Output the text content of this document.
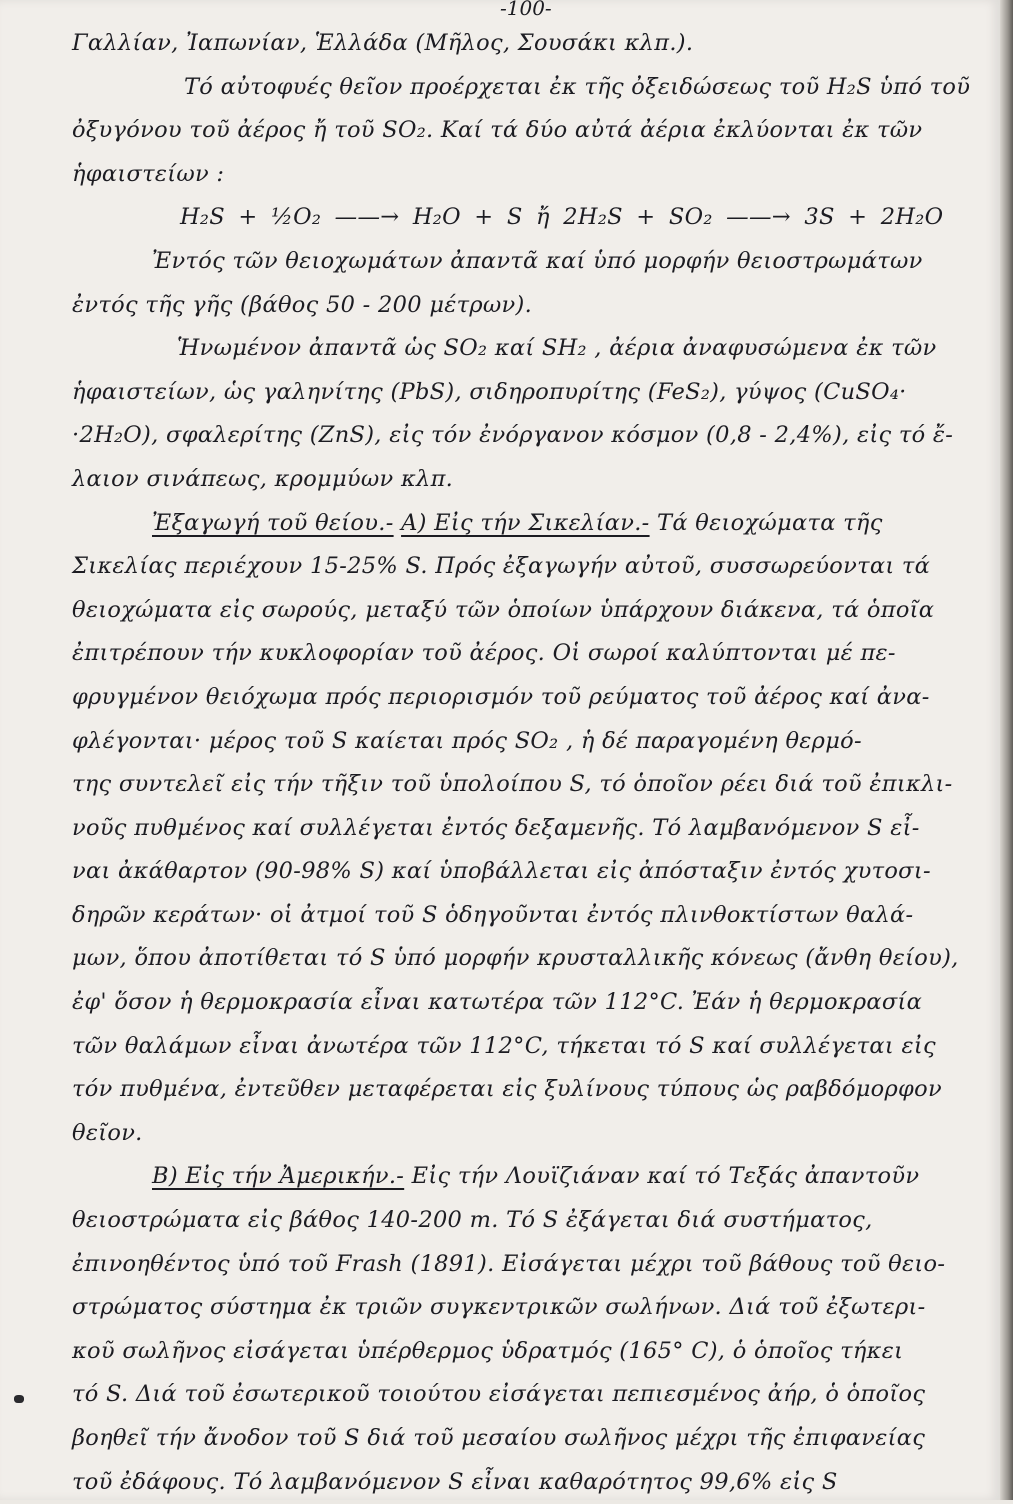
-100-
Γαλλίαν, Ἰαπωνίαν, Ἑλλάδα (Μῆλος, Σουσάκι κλπ.).
Τό αὐτοφυές θεῖον προέρχεται ἐκ τῆς ὀξειδώσεως τοῦ H₂S ὑπό τοῦ
ὀξυγόνου τοῦ ἀέρος ἤ τοῦ SO₂. Καί τά δύο αὐτά ἀέρια ἐκλύονται ἐκ τῶν
ἡφαιστείων :
H₂S + ½O₂ ——→ H₂O + S ἤ 2H₂S + SO₂ ——→ 3S + 2H₂O
Ἐντός τῶν θειοχωμάτων ἀπαντᾶ καί ὑπό μορφήν θειοστρωμάτων
ἐντός τῆς γῆς (βάθος 50 - 200 μέτρων).
Ἡνωμένον ἀπαντᾶ ὡς SO₂ καί SH₂ , ἀέρια ἀναφυσώμενα ἐκ τῶν
ἡφαιστείων, ὡς γαληνίτης (PbS), σιδηροπυρίτης (FeS₂), γύψος (CuSO₄·
·2H₂O), σφαλερίτης (ZnS), εἰς τόν ἐνόργανον κόσμον (0,8 - 2,4%), εἰς τό ἔ-
λαιον σινάπεως, κρομμύων κλπ.
Ἐξαγωγή τοῦ θείου.- Α) Εἰς τήν Σικελίαν.- Τά θειοχώματα τῆς
Σικελίας περιέχουν 15-25% S. Πρός ἐξαγωγήν αὐτοῦ, συσσωρεύονται τά
θειοχώματα εἰς σωρούς, μεταξύ τῶν ὁποίων ὑπάρχουν διάκενα, τά ὁποῖα
ἐπιτρέπουν τήν κυκλοφορίαν τοῦ ἀέρος. Οἱ σωροί καλύπτονται μέ πε-
φρυγμένον θειόχωμα πρός περιορισμόν τοῦ ρεύματος τοῦ ἀέρος καί ἀνα-
φλέγονται· μέρος τοῦ S καίεται πρός SO₂ , ἡ δέ παραγομένη θερμό-
της συντελεῖ εἰς τήν τῆξιν τοῦ ὑπολοίπου S, τό ὁποῖον ρέει διά τοῦ ἐπικλι-
νοῦς πυθμένος καί συλλέγεται ἐντός δεξαμενῆς. Τό λαμβανόμενον S εἶ-
ναι ἀκάθαρτον (90-98% S) καί ὑποβάλλεται εἰς ἀπόσταξιν ἐντός χυτοσι-
δηρῶν κεράτων· οἱ ἀτμοί τοῦ S ὁδηγοῦνται ἐντός πλινθοκτίστων θαλά-
μων, ὅπου ἀποτίθεται τό S ὑπό μορφήν κρυσταλλικῆς κόνεως (ἄνθη θείου),
ἐφ' ὅσον ἡ θερμοκρασία εἶναι κατωτέρα τῶν 112°C. Ἐάν ἡ θερμοκρασία
τῶν θαλάμων εἶναι ἀνωτέρα τῶν 112°C, τήκεται τό S καί συλλέγεται εἰς
τόν πυθμένα, ἐντεῦθεν μεταφέρεται εἰς ξυλίνους τύπους ὡς ραβδόμορφον
θεῖον.
Β) Εἰς τήν Ἀμερικήν.- Εἰς τήν Λουϊζιάναν καί τό Τεξάς ἀπαντοῦν
θειοστρώματα εἰς βάθος 140-200 m. Τό S ἐξάγεται διά συστήματος,
ἐπινοηθέντος ὑπό τοῦ Frash (1891). Εἰσάγεται μέχρι τοῦ βάθους τοῦ θειο-
στρώματος σύστημα ἐκ τριῶν συγκεντρικῶν σωλήνων. Διά τοῦ ἐξωτερι-
κοῦ σωλῆνος εἰσάγεται ὑπέρθερμος ὑδρατμός (165° C), ὁ ὁποῖος τήκει
τό S. Διά τοῦ ἐσωτερικοῦ τοιούτου εἰσάγεται πεπιεσμένος ἀήρ, ὁ ὁποῖος
βοηθεῖ τήν ἄνοδον τοῦ S διά τοῦ μεσαίου σωλῆνος μέχρι τῆς ἐπιφανείας
τοῦ ἐδάφους. Τό λαμβανόμενον S εἶναι καθαρότητος 99,6% εἰς S
